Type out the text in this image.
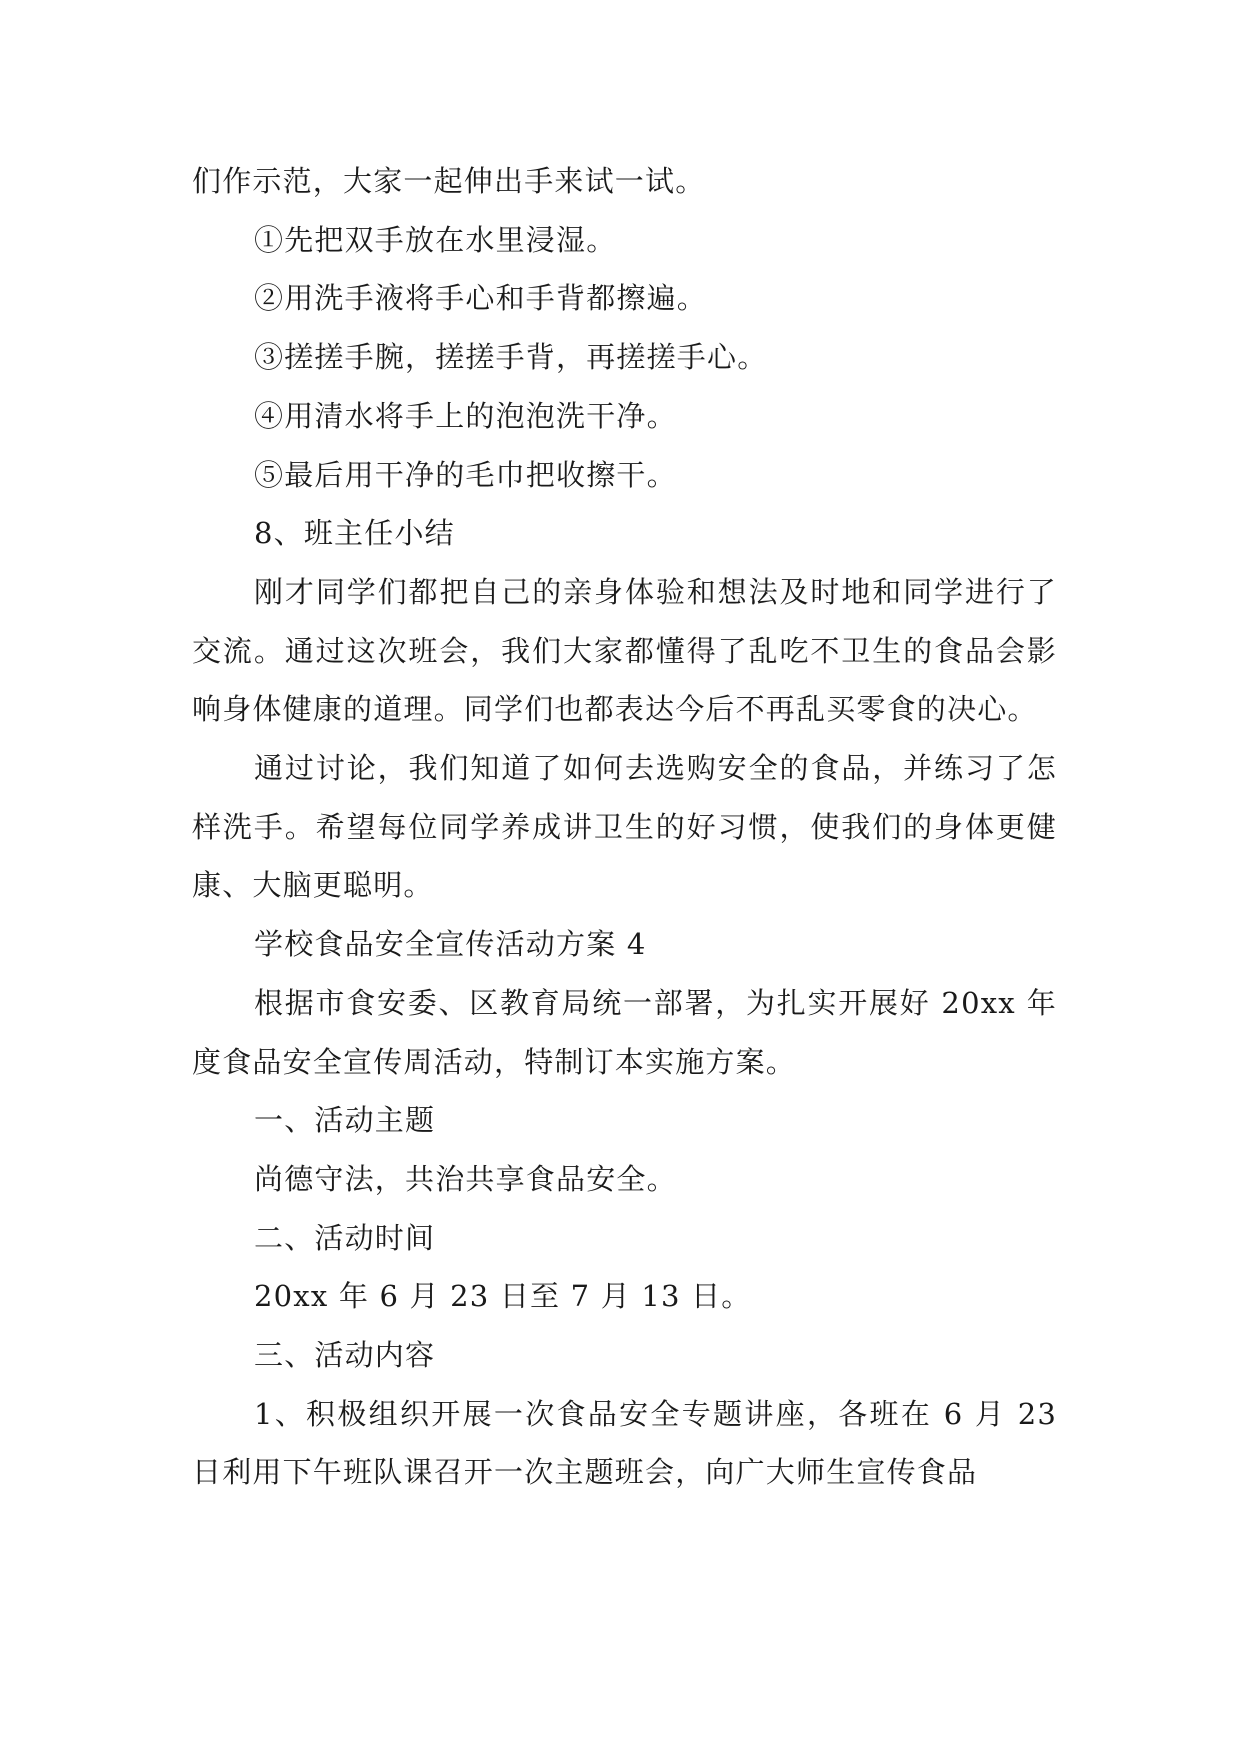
们作示范，大家一起伸出手来试一试。

①先把双手放在水里浸湿。

②用洗手液将手心和手背都擦遍。

③搓搓手腕，搓搓手背，再搓搓手心。

④用清水将手上的泡泡洗干净。

⑤最后用干净的毛巾把收擦干。

8、班主任小结

刚才同学们都把自己的亲身体验和想法及时地和同学进行了交流。通过这次班会，我们大家都懂得了乱吃不卫生的食品会影响身体健康的道理。同学们也都表达今后不再乱买零食的决心。

通过讨论，我们知道了如何去选购安全的食品，并练习了怎样洗手。希望每位同学养成讲卫生的好习惯，使我们的身体更健康、大脑更聪明。

学校食品安全宣传活动方案 4

根据市食安委、区教育局统一部署，为扎实开展好 20xx 年度食品安全宣传周活动，特制订本实施方案。

一、活动主题

尚德守法，共治共享食品安全。

二、活动时间

20xx 年 6 月 23 日至 7 月 13 日。

三、活动内容

1、积极组织开展一次食品安全专题讲座，各班在 6 月 23 日利用下午班队课召开一次主题班会，向广大师生宣传食品
